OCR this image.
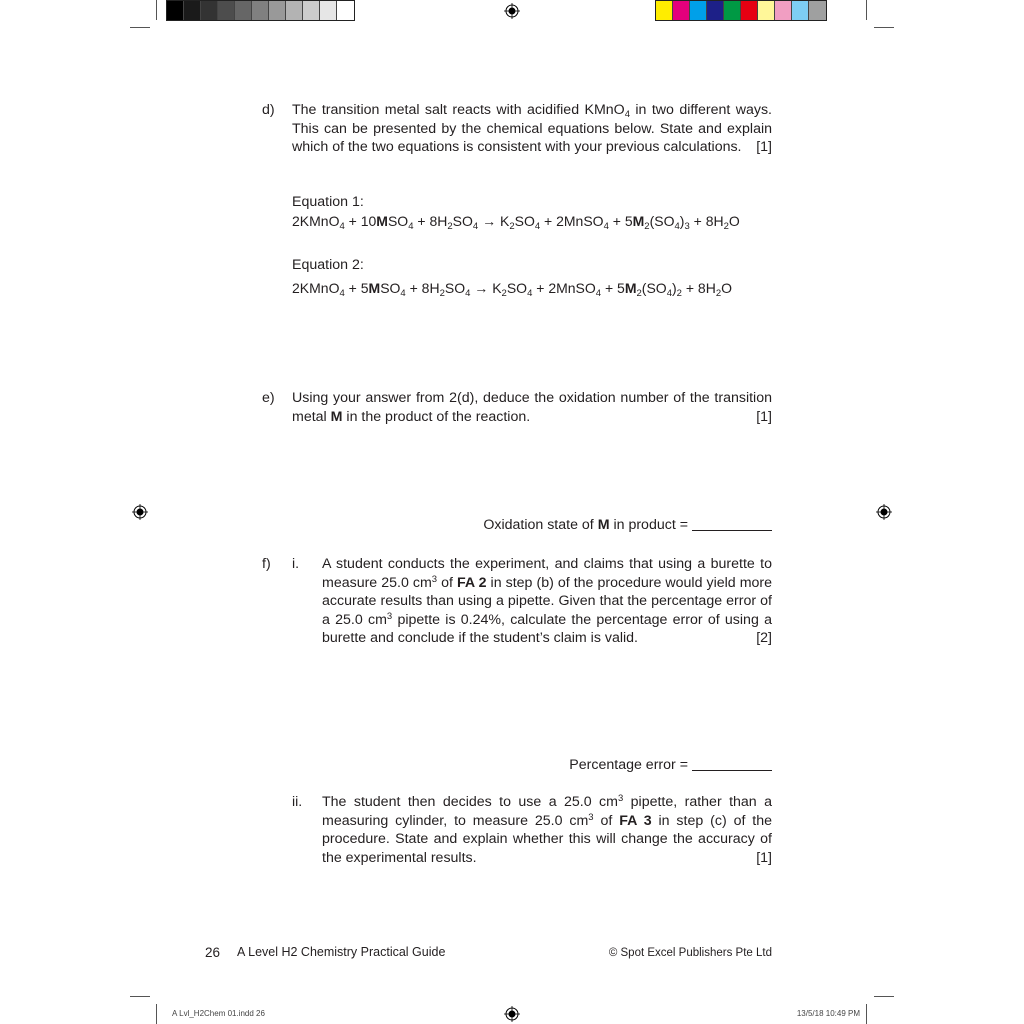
d) The transition metal salt reacts with acidified KMnO$_4$ in two different ways. This can be presented by the chemical equations below. State and explain which of the two equations is consistent with your previous calculations. [1]

Equation 1:
2KMnO$_4$ + $10MSO_4 + 8H_2SO_4 \to K_2SO_4$ + 2MnSO$_4$ + $5M_2(SO_4)_3 + 8H_2O$
Equation 2:
2KMnO$_4$ + $5MSO_4 + 8H_2SO_4 \to K_2SO_4$ + 2MnSO$_4$ + $5M_2(SO_4)_2 + 8H_2O$
e) Using your answer from 2(d), deduce the oxidation number of the transition metal M in the product of the reaction.	[1]

Oxidation state of M in product =
f) i. A student conducts the experiment, and claims that using a burette to measure 25.0 $cm^3$ of FA 2 in step (b) of the procedure would yield more accurate results than using a pipette. Given that the percentage error of a 25.0 $cm^3$ pipette is 0.24%, calculate the percentage error of using a burette and conclude if the student’s claim is valid.	[2]

Percentage error =
ii. The student then decides to use a 25.0 $cm^3$ pipette, rather than a measuring cylinder, to measure 25.0 $cm^3$ of FA 3 in step (c) of the procedure. State and explain whether this will change the accuracy of the experimental results.	[1]

26 A Level H2 Chemistry Practical Guide	© Spot Excel Publishers Pte Ltd
A Lvl_H2Chem 01.indd 26	13/5/18 10:49 PM
